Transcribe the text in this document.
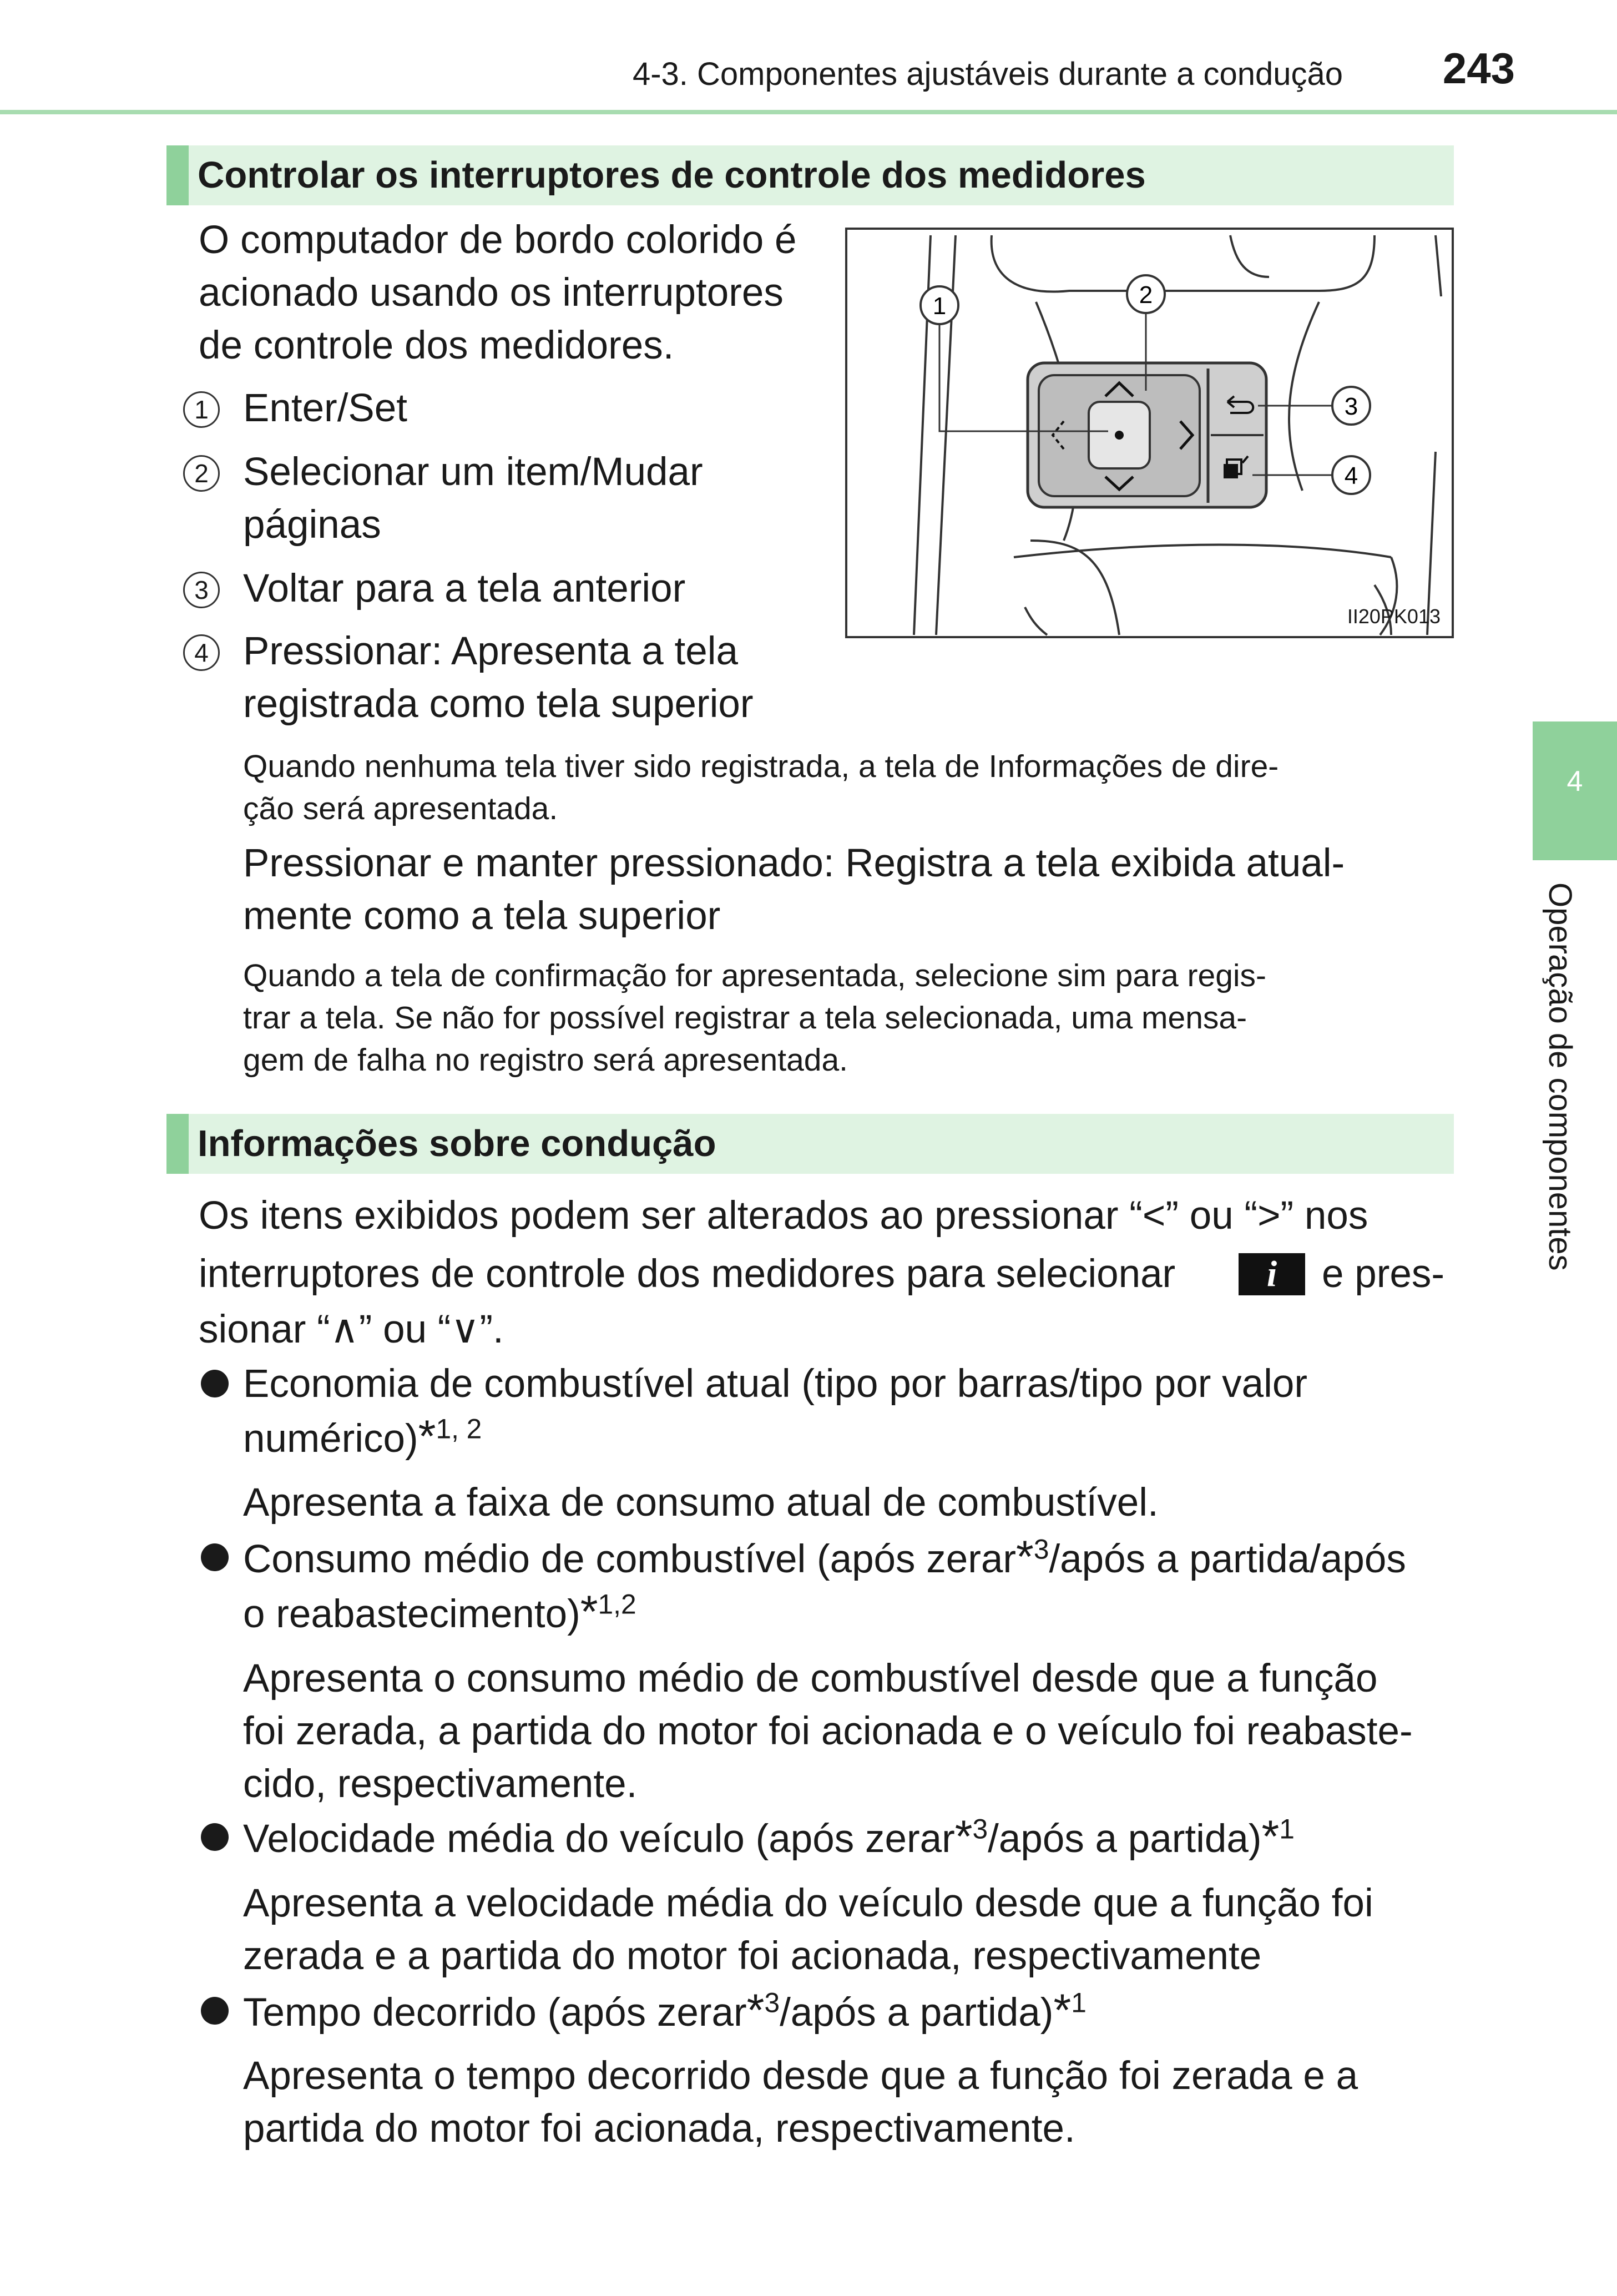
4-3. Componentes ajustáveis durante a condução	243
Controlar os interruptores de controle dos medidores
O computador de bordo colorido é
acionado usando os interruptores
de controle dos medidores.
1 Enter/Set
2 Selecionar um item/Mudar
páginas
3 Voltar para a tela anterior
4 Pressionar: Apresenta a tela
registrada como tela superior
1	2
3
4
II20PK013
Quando nenhuma tela tiver sido registrada, a tela de Informações de dire-
ção será apresentada.
Pressionar e manter pressionado: Registra a tela exibida atual-
mente como a tela superior
Quando a tela de confirmação for apresentada, selecione sim para regis-
trar a tela. Se não for possível registrar a tela selecionada, uma mensa-
gem de falha no registro será apresentada.
Informações sobre condução
Os itens exibidos podem ser alterados ao pressionar “<” ou “>” nos
interruptores de controle dos medidores para selecionar	i	e pres-
sionar “∧” ou “∨”.
Economia de combustível atual (tipo por barras/tipo por valor
numérico)*$^{1, 2}$
Apresenta a faixa de consumo atual de combustível.
Consumo médio de combustível (após zerar*$^3$/após a partida/após
o reabastecimento)*$^{1,2}$
Apresenta o consumo médio de combustível desde que a função
foi zerada, a partida do motor foi acionada e o veículo foi reabaste-
cido, respectivamente.
Velocidade média do veículo (após zerar*$^3$/após a partida)*$^1$
Apresenta a velocidade média do veículo desde que a função foi
zerada e a partida do motor foi acionada, respectivamente
Tempo decorrido (após zerar*$^3$/após a partida)*$^1$
Apresenta o tempo decorrido desde que a função foi zerada e a
partida do motor foi acionada, respectivamente.
4
Operação de componentes
